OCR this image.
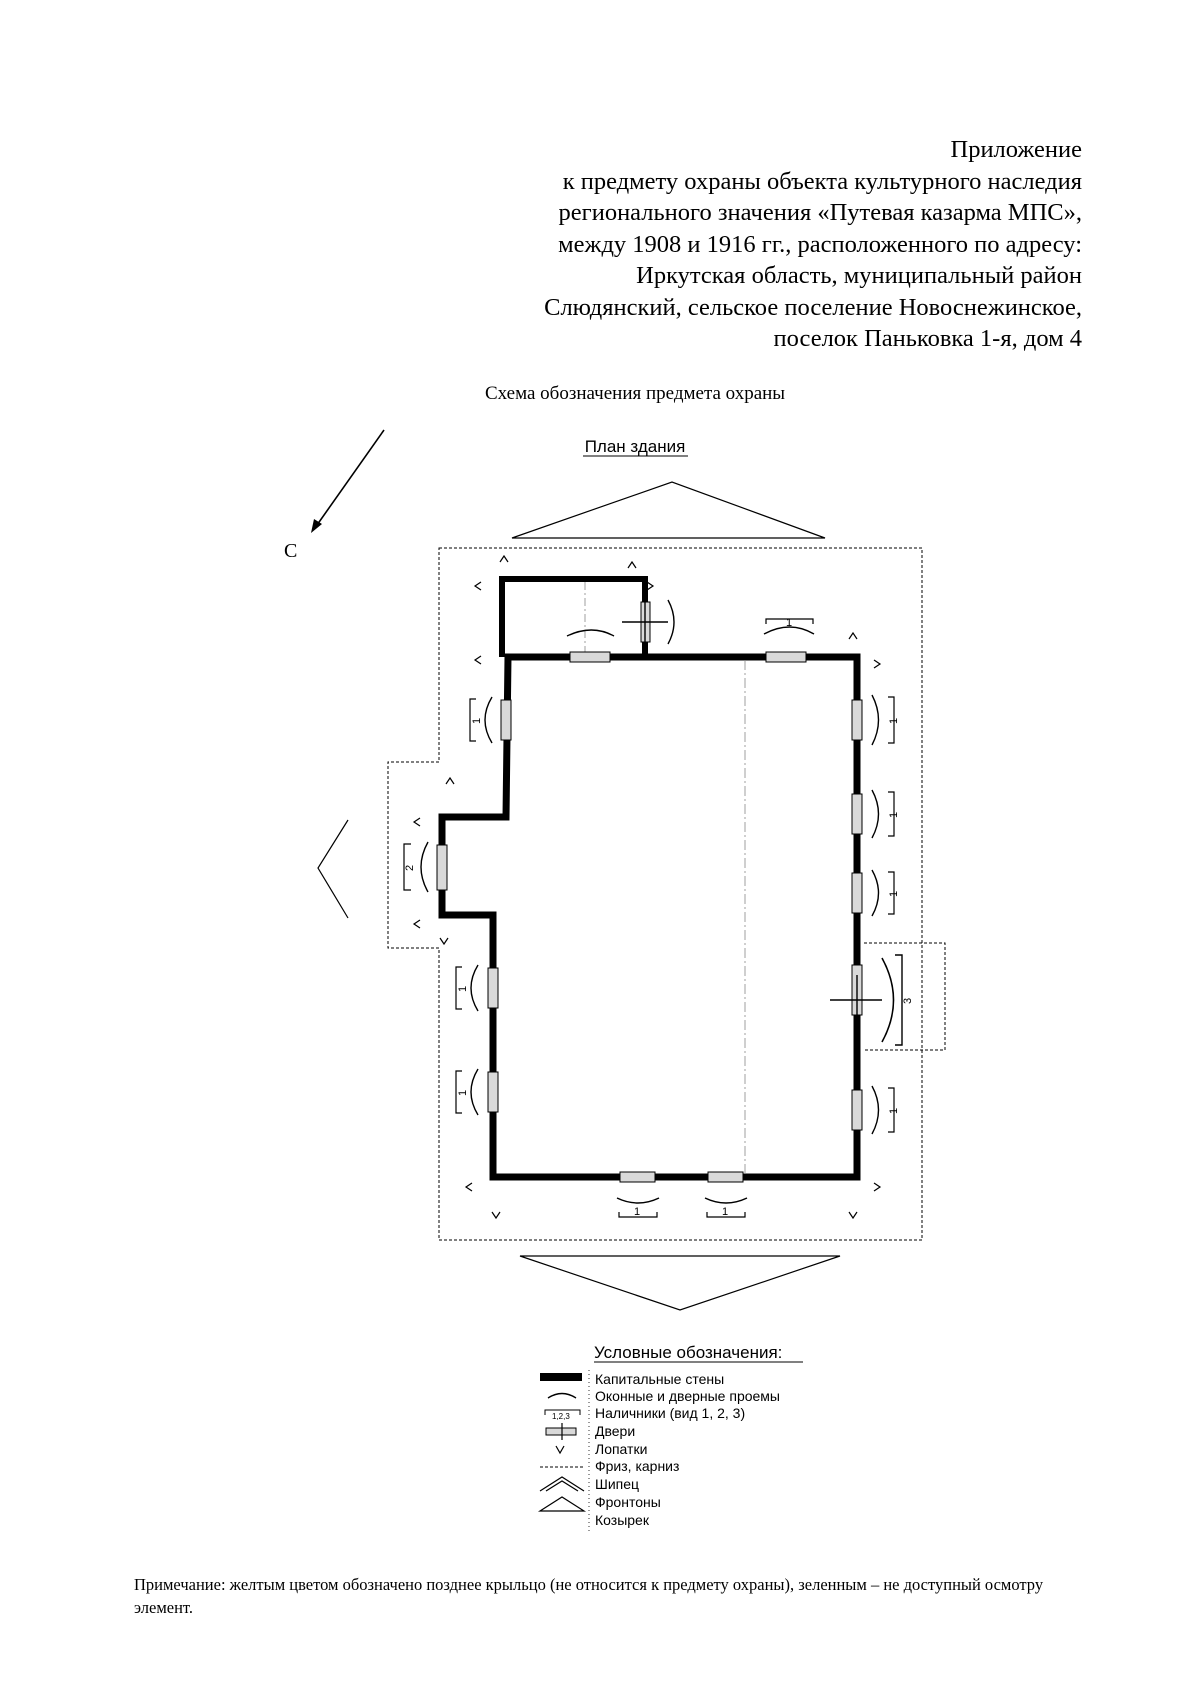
Приложение
к предмету охраны объекта культурного наследия
регионального значения «Путевая казарма МПС»,
между 1908 и 1916 гг., расположенного по адресу:
Иркутская область, муниципальный район
Слюдянский, сельское поселение Новоснежинское,
поселок Паньковка 1-я, дом 4
Схема обозначения предмета охраны
План здания
С
1
1
1
1
3
1
1
2
1
1
1	1
Условные обозначения:
1,2,3
Капитальные стены
Оконные и дверные проемы
Наличники (вид 1, 2, 3)
Двери
Лопатки
Фриз, карниз
Шипец
Фронтоны
Козырек
Примечание: желтым цветом обозначено позднее крыльцо (не относится к предмету охраны), зеленным – не доступный осмотру элемент.
